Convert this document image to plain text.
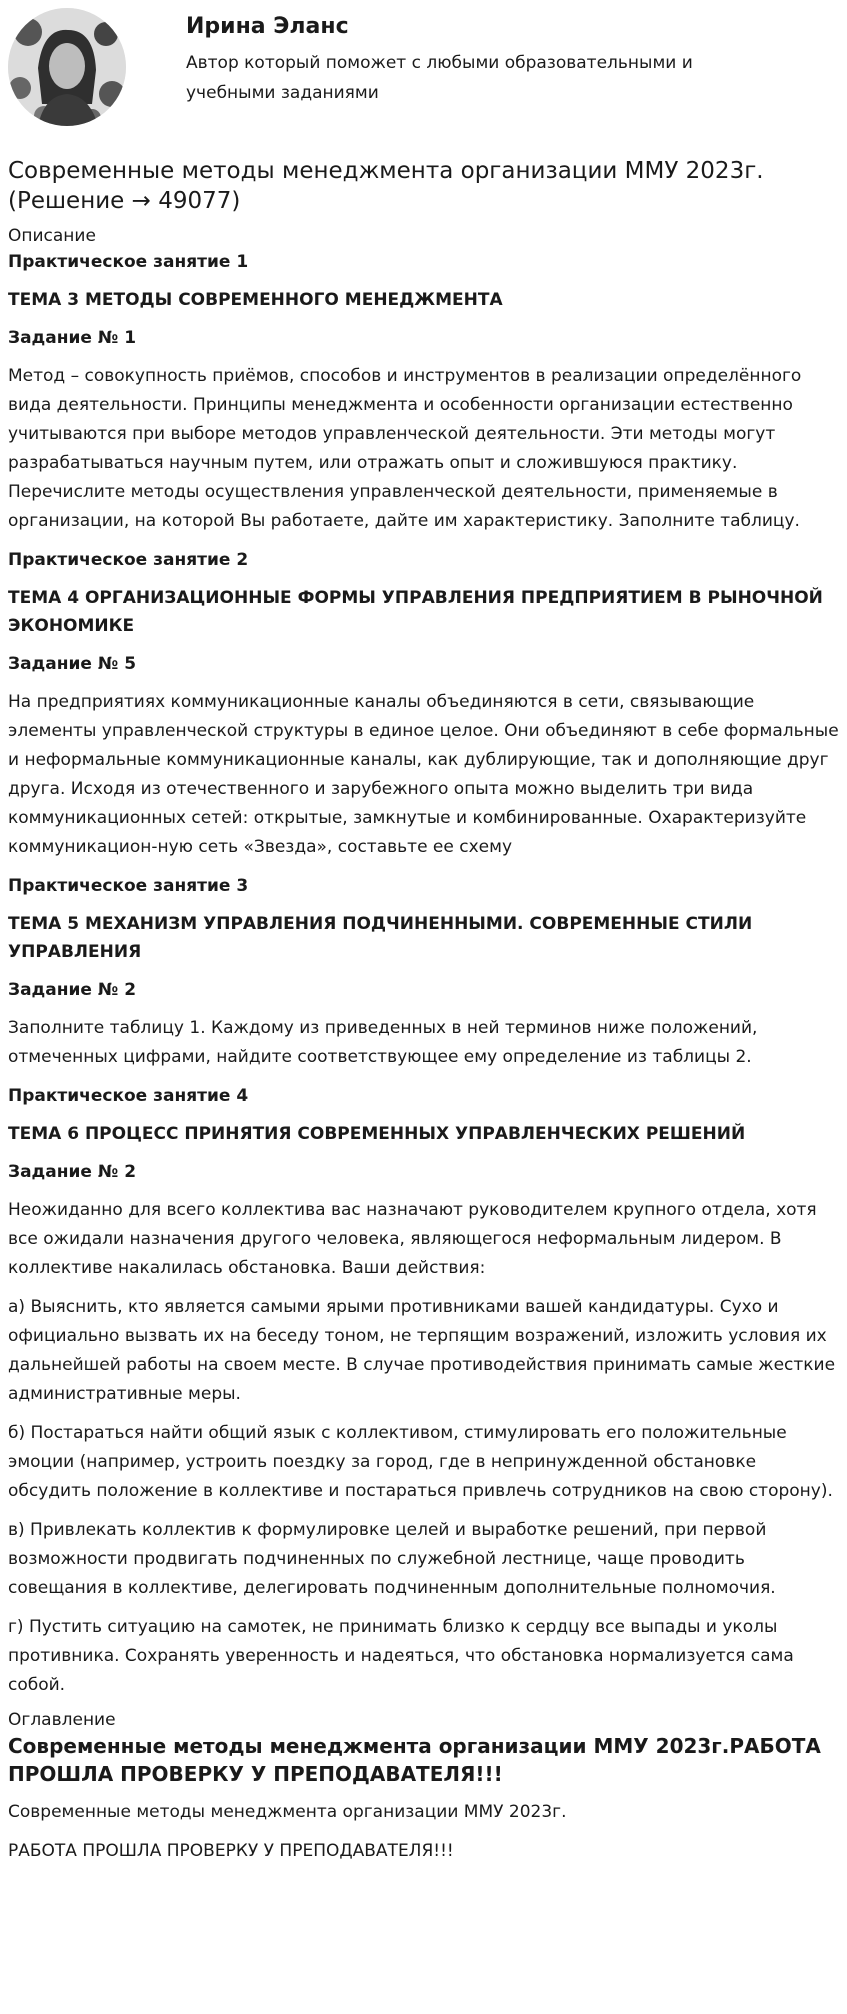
Ирина Эланс
Автор который поможет с любыми образовательными и учебными заданиями
Современные методы менеджмента организации ММУ 2023г. (Решение → 49077)
Описание

Практическое занятие 1

ТЕМА 3 МЕТОДЫ СОВРЕМЕННОГО МЕНЕДЖМЕНТА

Задание № 1

Метод – совокупность приёмов, способов и инструментов в реализации определённого вида деятельности. Принципы менеджмента и особенности организации естественно учитываются при выборе методов управленческой деятельности. Эти методы могут разрабатываться научным путем, или отражать опыт и сложившуюся практику. Перечислите методы осуществления управленческой деятельности, применяемые в организации, на которой Вы работаете, дайте им характеристику. Заполните таблицу.

Практическое занятие 2

ТЕМА 4 ОРГАНИЗАЦИОННЫЕ ФОРМЫ УПРАВЛЕНИЯ ПРЕДПРИЯТИЕМ В РЫНОЧНОЙ ЭКОНОМИКЕ

Задание № 5

На предприятиях коммуникационные каналы объединяются в сети, связывающие элементы управленческой структуры в единое целое. Они объединяют в себе формальные и неформальные коммуникационные каналы, как дублирующие, так и дополняющие друг друга. Исходя из отечественного и зарубежного опыта можно выделить три вида коммуникационных сетей: открытые, замкнутые и комбинированные. Охарактеризуйте коммуникацион-ную сеть «Звезда», составьте ее схему

Практическое занятие 3

ТЕМА 5 МЕХАНИЗМ УПРАВЛЕНИЯ ПОДЧИНЕННЫМИ. СОВРЕМЕННЫЕ СТИЛИ УПРАВЛЕНИЯ

Задание № 2

Заполните таблицу 1. Каждому из приведенных в ней терминов ниже положений, отмеченных цифрами, найдите соответствующее ему определение из таблицы 2.

Практическое занятие 4

ТЕМА 6 ПРОЦЕСС ПРИНЯТИЯ СОВРЕМЕННЫХ УПРАВЛЕНЧЕСКИХ РЕШЕНИЙ

Задание № 2

Неожиданно для всего коллектива вас назначают руководителем крупного отдела, хотя все ожидали назначения другого человека, являющегося неформальным лидером. В коллективе накалилась обстановка. Ваши действия:

а) Выяснить, кто является самыми ярыми противниками вашей кандидатуры. Сухо и официально вызвать их на беседу тоном, не терпящим возражений, изложить условия их дальнейшей работы на своем месте. В случае противодействия принимать самые жесткие административные меры.

б) Постараться найти общий язык с коллективом, стимулировать его положительные эмоции (например, устроить поездку за город, где в непринужденной обстановке обсудить положение в коллективе и постараться привлечь сотрудников на свою сторону).

в) Привлекать коллектив к формулировке целей и выработке решений, при первой возможности продвигать подчиненных по служебной лестнице, чаще проводить совещания в коллективе, делегировать подчиненным дополнительные полномочия.

г) Пустить ситуацию на самотек, не принимать близко к сердцу все выпады и уколы противника. Сохранять уверенность и надеяться, что обстановка нормализуется сама собой.

Оглавление

Современные методы менеджмента организации ММУ 2023г.РАБОТА ПРОШЛА ПРОВЕРКУ У ПРЕПОДАВАТЕЛЯ!!!

Современные методы менеджмента организации ММУ 2023г.

РАБОТА ПРОШЛА ПРОВЕРКУ У ПРЕПОДАВАТЕЛЯ!!!
